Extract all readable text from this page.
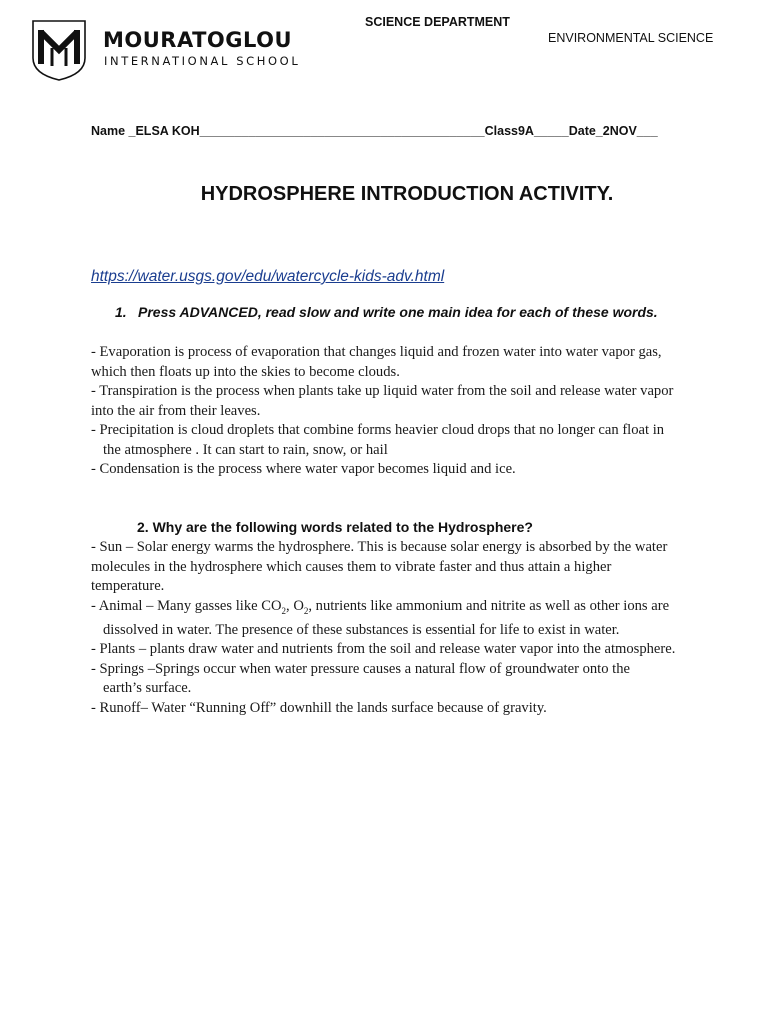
MOURATOGLOU
INTERNATIONAL SCHOOL
SCIENCE DEPARTMENT
ENVIRONMENTAL SCIENCE
Name _ELSA KOH_________________________________________Class9A_____Date_2NOV___
HYDROSPHERE INTRODUCTION ACTIVITY.
https://water.usgs.gov/edu/watercycle-kids-adv.html
1. Press ADVANCED, read slow and write one main idea for each of these words.

- Evaporation is process of evaporation that changes liquid and frozen water into water vapor gas,

which then floats up into the skies to become clouds.

- Transpiration is the process when plants take up liquid water from the soil and release water vapor

into the air from their leaves.

- Precipitation is cloud droplets that combine forms heavier cloud drops that no longer can float in

the atmosphere . It can start to rain, snow, or hail

- Condensation is the process where water vapor becomes liquid and ice.

2. Why are the following words related to the Hydrosphere?

- Sun – Solar energy warms the hydrosphere. This is because solar energy is absorbed by the water

molecules in the hydrosphere which causes them to vibrate faster and thus attain a higher

temperature.

- Animal – Many gasses like $CO_2$, $O_2$, nutrients like ammonium and nitrite as well as other ions are

dissolved in water. The presence of these substances is essential for life to exist in water.

- Plants – plants draw water and nutrients from the soil and release water vapor into the atmosphere.

- Springs –Springs occur when water pressure causes a natural flow of groundwater onto the

earth’s surface.

- Runoff– Water “Running Off” downhill the lands surface because of gravity.
